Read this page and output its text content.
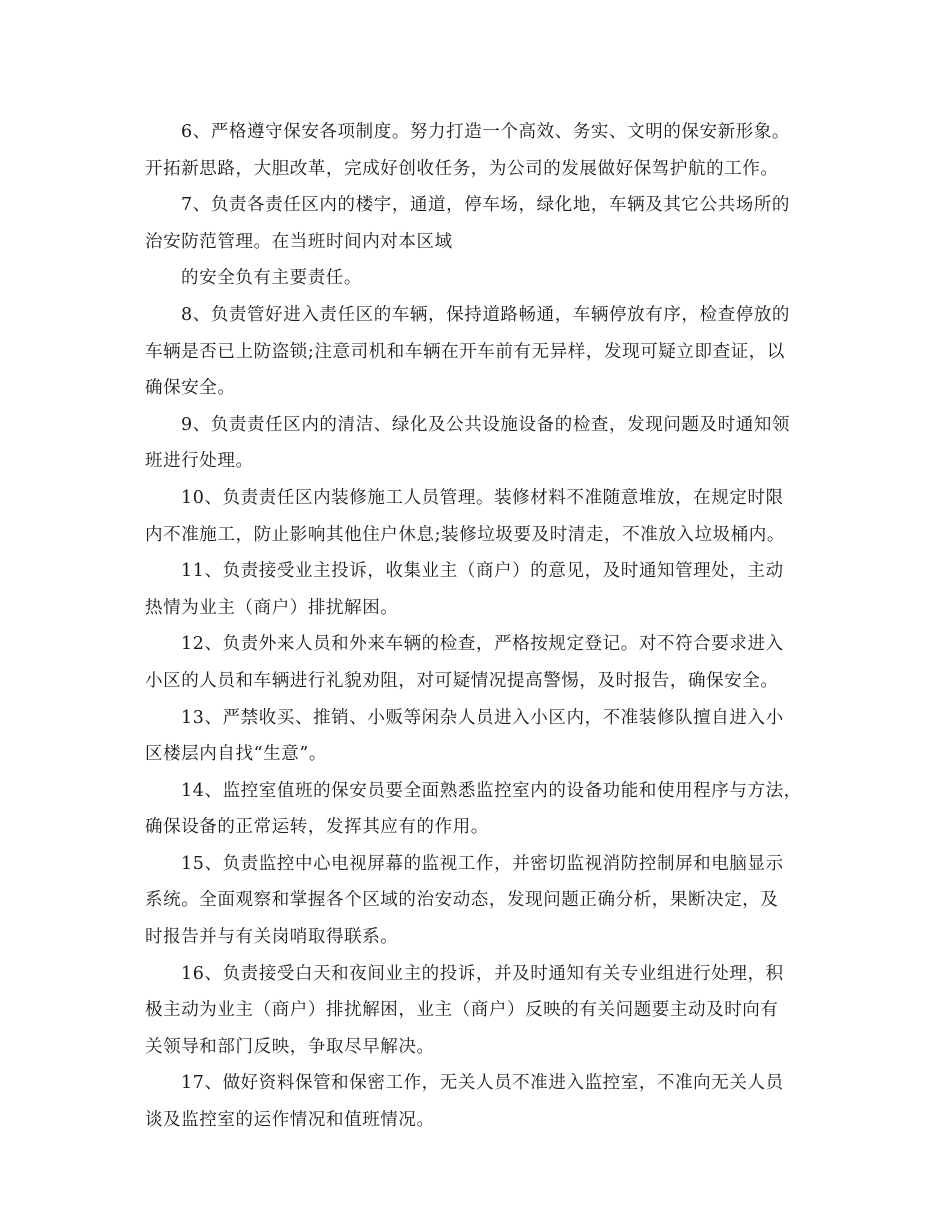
6、严格遵守保安各项制度。努力打造一个高效、务实、文明的保安新形象。
开拓新思路，大胆改革，完成好创收任务，为公司的发展做好保驾护航的工作。
7、负责各责任区内的楼宇，通道，停车场，绿化地，车辆及其它公共场所的
治安防范管理。在当班时间内对本区域
的安全负有主要责任。
8、负责管好进入责任区的车辆，保持道路畅通，车辆停放有序，检查停放的
车辆是否已上防盗锁;注意司机和车辆在开车前有无异样，发现可疑立即查证，以
确保安全。
9、负责责任区内的清洁、绿化及公共设施设备的检查，发现问题及时通知领
班进行处理。
10、负责责任区内装修施工人员管理。装修材料不准随意堆放，在规定时限
内不准施工，防止影响其他住户休息;装修垃圾要及时清走，不准放入垃圾桶内。
11、负责接受业主投诉，收集业主（商户）的意见，及时通知管理处，主动
热情为业主（商户）排扰解困。
12、负责外来人员和外来车辆的检查，严格按规定登记。对不符合要求进入
小区的人员和车辆进行礼貌劝阻，对可疑情况提高警惕，及时报告，确保安全。
13、严禁收买、推销、小贩等闲杂人员进入小区内，不准装修队擅自进入小
区楼层内自找“生意”。
14、监控室值班的保安员要全面熟悉监控室内的设备功能和使用程序与方法，
确保设备的正常运转，发挥其应有的作用。
15、负责监控中心电视屏幕的监视工作，并密切监视消防控制屏和电脑显示
系统。全面观察和掌握各个区域的治安动态，发现问题正确分析，果断决定，及
时报告并与有关岗哨取得联系。
16、负责接受白天和夜间业主的投诉，并及时通知有关专业组进行处理，积
极主动为业主（商户）排扰解困，业主（商户）反映的有关问题要主动及时向有
关领导和部门反映，争取尽早解决。
17、做好资料保管和保密工作，无关人员不准进入监控室，不准向无关人员
谈及监控室的运作情况和值班情况。
